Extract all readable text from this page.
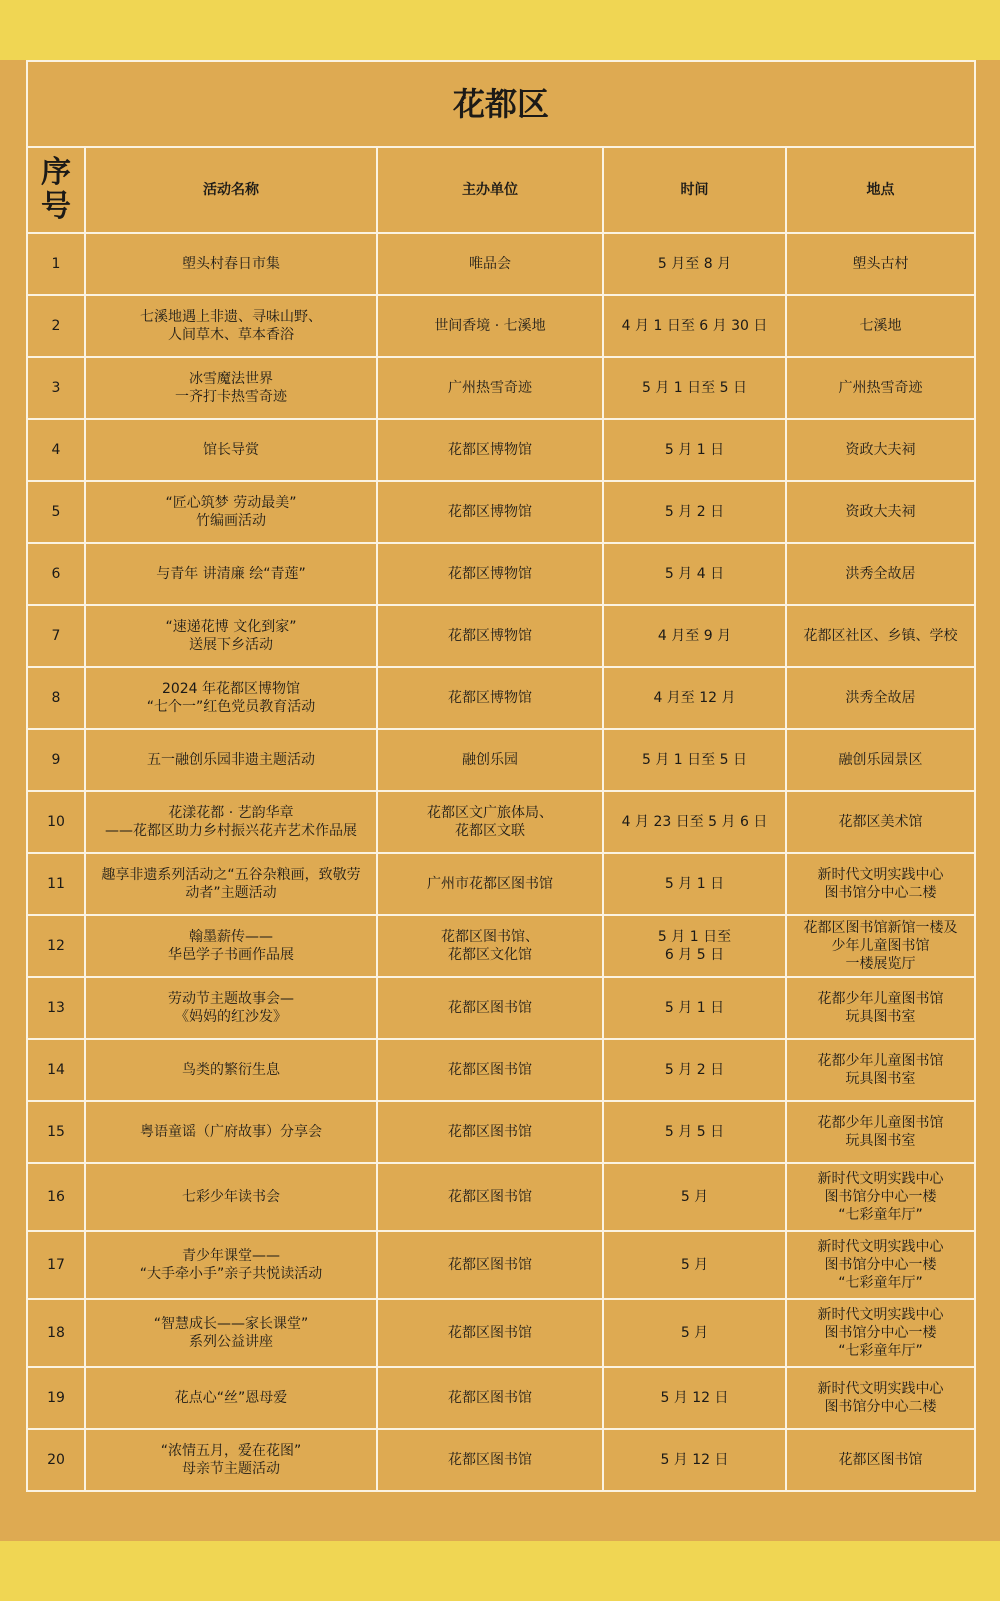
花都区				
序
号	活动名称	主办单位	时间	地点
1	塱头村春日市集	唯品会	5 月至 8 月	塱头古村
2	七溪地遇上非遗、寻味山野、
人间草木、草本香浴	世间香境 · 七溪地	4 月 1 日至 6 月 30 日	七溪地
3	冰雪魔法世界
一齐打卡热雪奇迹	广州热雪奇迹	5 月 1 日至 5 日	广州热雪奇迹
4	馆长导赏	花都区博物馆	5 月 1 日	资政大夫祠
5	“匠心筑梦 劳动最美”
竹编画活动	花都区博物馆	5 月 2 日	资政大夫祠
6	与青年 讲清廉 绘“青莲”	花都区博物馆	5 月 4 日	洪秀全故居
7	“速递花博 文化到家”
送展下乡活动	花都区博物馆	4 月至 9 月	花都区社区、乡镇、学校
8	2024 年花都区博物馆
“七个一”红色党员教育活动	花都区博物馆	4 月至 12 月	洪秀全故居
9	五一融创乐园非遗主题活动	融创乐园	5 月 1 日至 5 日	融创乐园景区
10	花漾花都 · 艺韵华章
——花都区助力乡村振兴花卉艺术作品展	花都区文广旅体局、
花都区文联	4 月 23 日至 5 月 6 日	花都区美术馆
11	趣享非遗系列活动之“五谷杂粮画，致敬劳
动者”主题活动	广州市花都区图书馆	5 月 1 日	新时代文明实践中心
图书馆分中心二楼
12	翰墨薪传——
华邑学子书画作品展	花都区图书馆、
花都区文化馆	5 月 1 日至
6 月 5 日	花都区图书馆新馆一楼及
少年儿童图书馆
一楼展览厅
13	劳动节主题故事会—
《妈妈的红沙发》	花都区图书馆	5 月 1 日	花都少年儿童图书馆
玩具图书室
14	鸟类的繁衍生息	花都区图书馆	5 月 2 日	花都少年儿童图书馆
玩具图书室
15	粤语童谣（广府故事）分享会	花都区图书馆	5 月 5 日	花都少年儿童图书馆
玩具图书室
16	七彩少年读书会	花都区图书馆	5 月	新时代文明实践中心
图书馆分中心一楼
“七彩童年厅”
17	青少年课堂——
“大手牵小手”亲子共悦读活动	花都区图书馆	5 月	新时代文明实践中心
图书馆分中心一楼
“七彩童年厅”
18	“智慧成长——家长课堂”
系列公益讲座	花都区图书馆	5 月	新时代文明实践中心
图书馆分中心一楼
“七彩童年厅”
19	花点心“丝”恩母爱	花都区图书馆	5 月 12 日	新时代文明实践中心
图书馆分中心二楼
20	“浓情五月，爱在花图”
母亲节主题活动	花都区图书馆	5 月 12 日	花都区图书馆
